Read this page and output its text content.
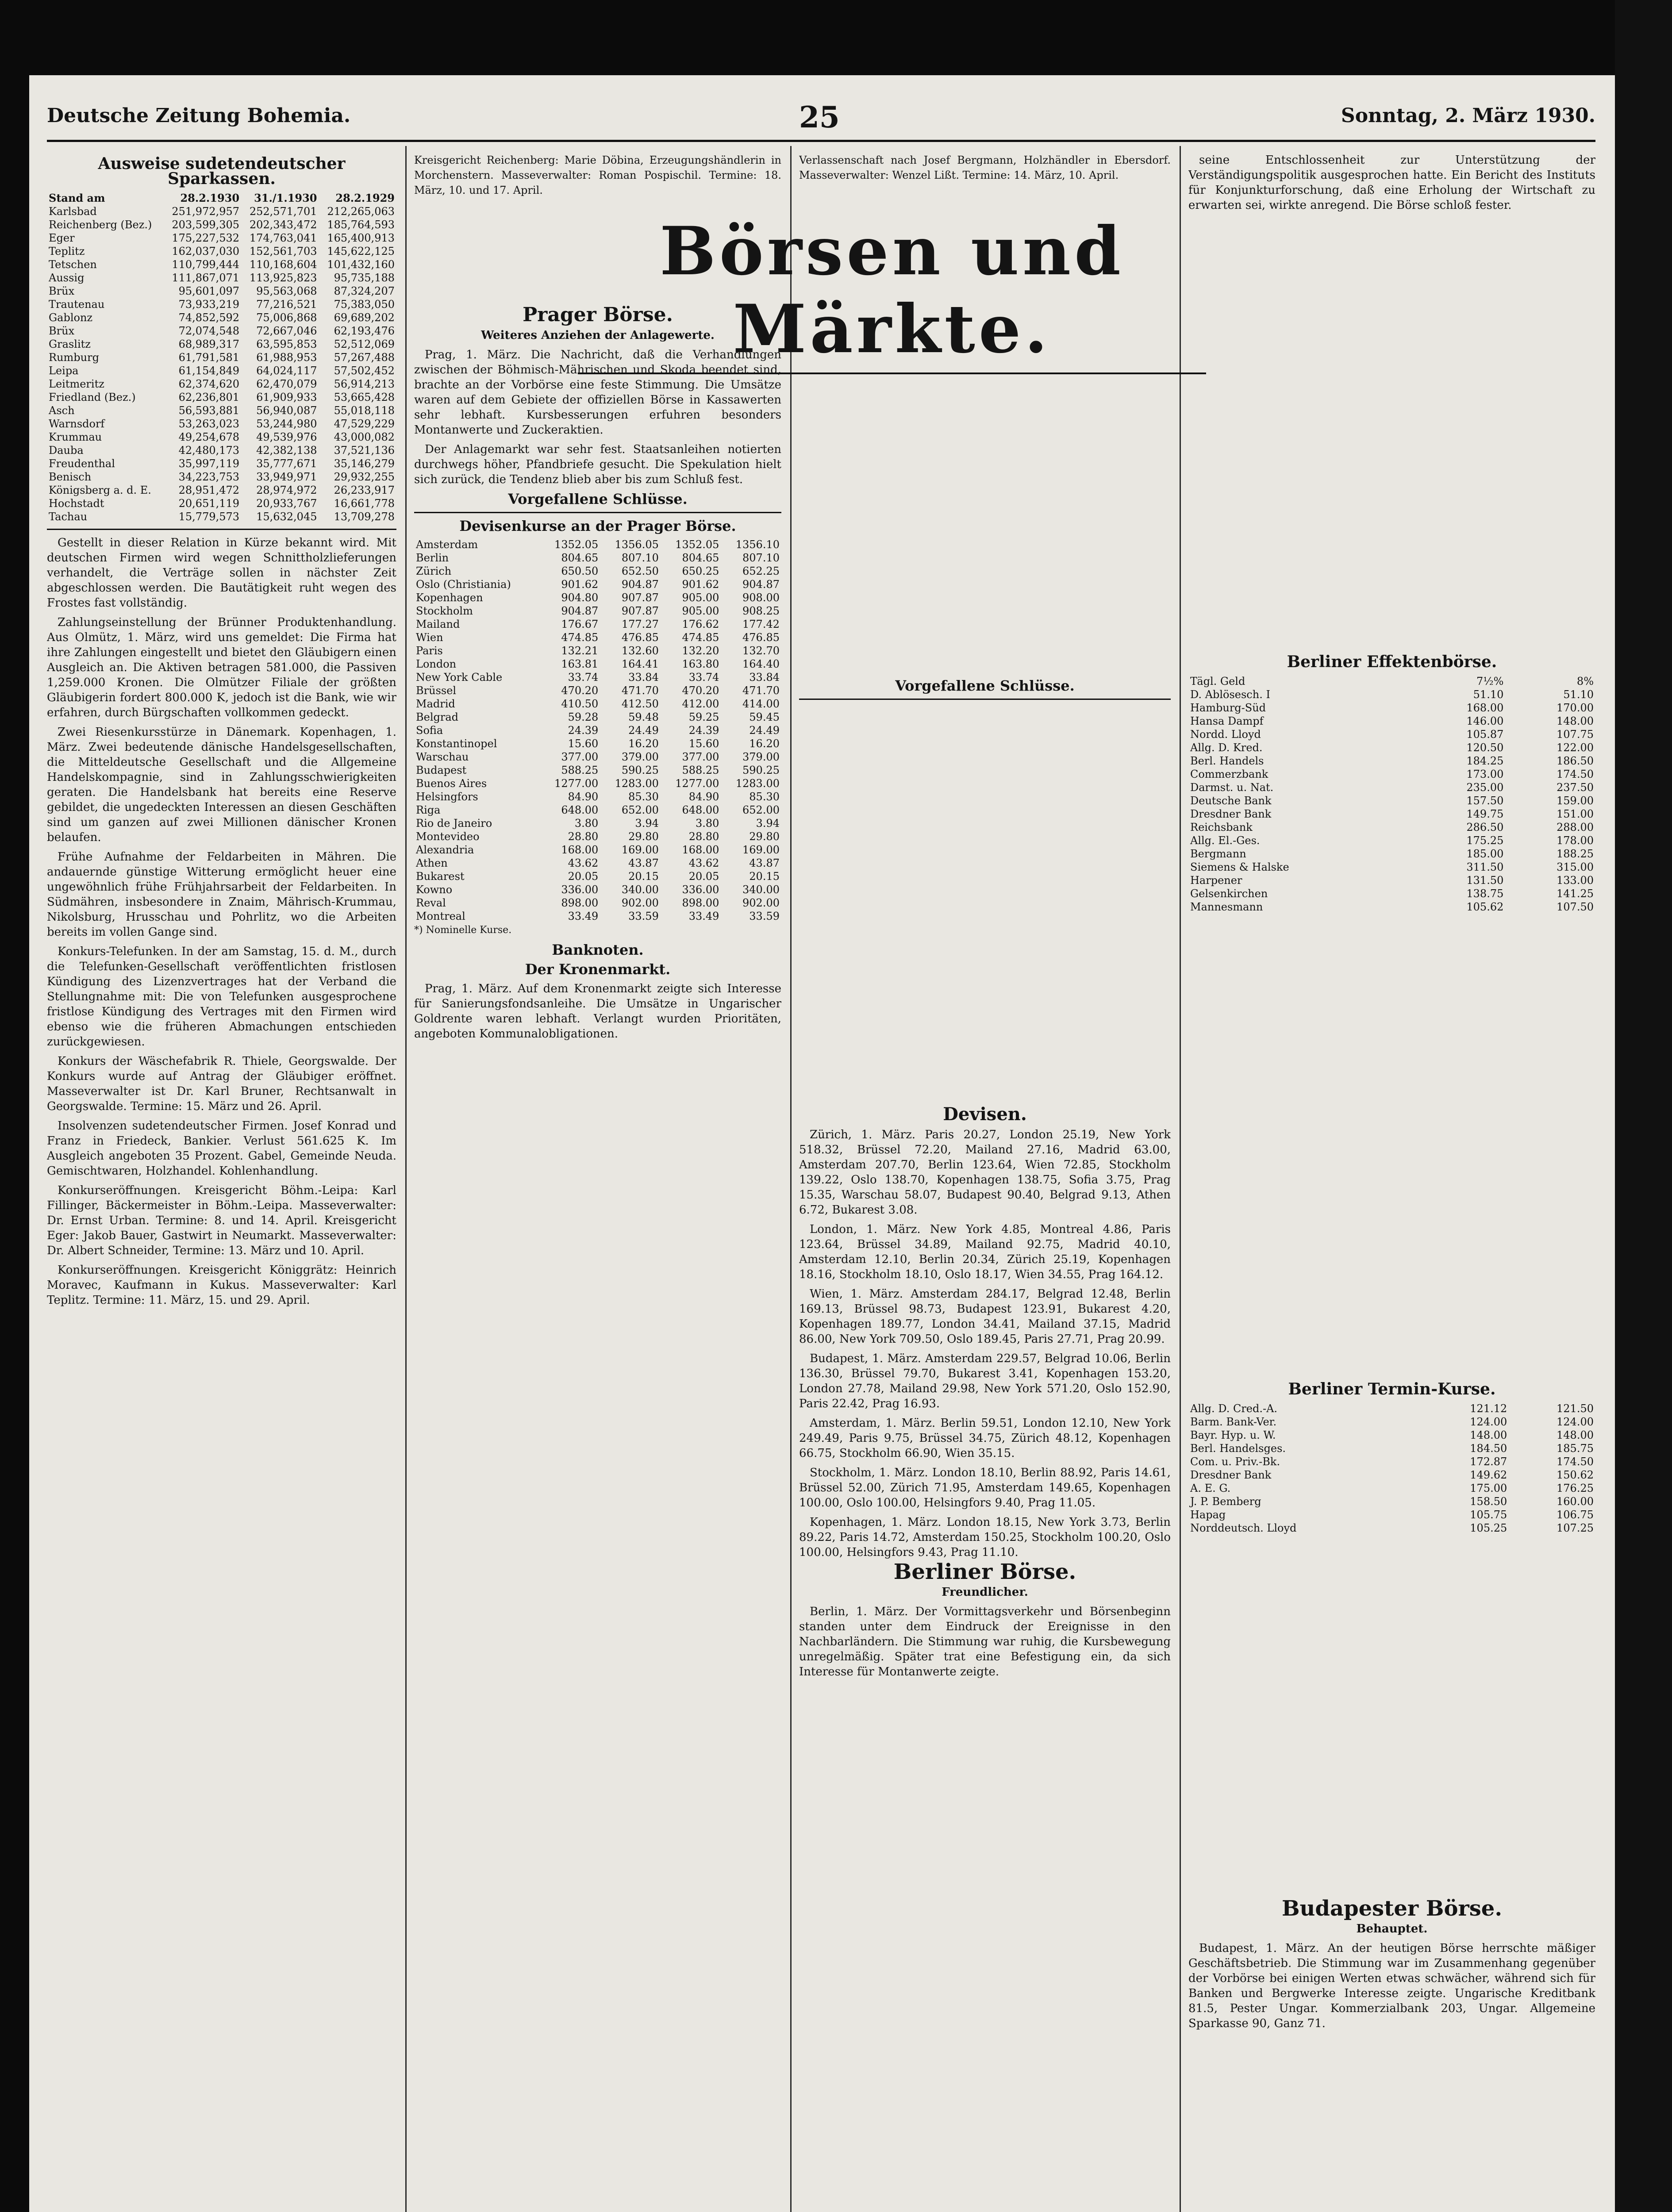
Deutsche Zeitung Bohemia.	25	Sonntag, 2. März 1930.
Börsen und Märkte.
Ausweise sudetendeutscher Sparkassen.
Stand am	28.2.1930	31./1.1930	28.2.1929
Karlsbad	251,972,957	252,571,701	212,265,063
Reichenberg (Bez.)	203,599,305	202,343,472	185,764,593
Eger	175,227,532	174,763,041	165,400,913
Teplitz	162,037,030	152,561,703	145,622,125
Tetschen	110,799,444	110,168,604	101,432,160
Aussig	111,867,071	113,925,823	95,735,188
Brüx	95,601,097	95,563,068	87,324,207
Trautenau	73,933,219	77,216,521	75,383,050
Gablonz	74,852,592	75,006,868	69,689,202
Brüx	72,074,548	72,667,046	62,193,476
Graslitz	68,989,317	63,595,853	52,512,069
Rumburg	61,791,581	61,988,953	57,267,488
Leipa	61,154,849	64,024,117	57,502,452
Leitmeritz	62,374,620	62,470,079	56,914,213
Friedland (Bez.)	62,236,801	61,909,933	53,665,428
Asch	56,593,881	56,940,087	55,018,118
Warnsdorf	53,263,023	53,244,980	47,529,229
Krummau	49,254,678	49,539,976	43,000,082
Dauba	42,480,173	42,382,138	37,521,136
Freudenthal	35,997,119	35,777,671	35,146,279
Benisch	34,223,753	33,949,971	29,932,255
Königsberg a. d. E.	28,951,472	28,974,972	26,233,917
Hochstadt	20,651,119	20,933,767	16,661,778
Tachau	15,779,573	15,632,045	13,709,278

Gestellt in dieser Relation in Kürze bekannt wird. Mit deutschen Firmen wird wegen Schnittholzlieferungen verhandelt, die Verträge sollen in nächster Zeit abgeschlossen werden. Die Bautätigkeit ruht wegen des Frostes fast vollständig.

Zahlungseinstellung der Brünner Produktenhandlung. Aus Olmütz, 1. März, wird uns gemeldet: Die Firma hat ihre Zahlungen eingestellt und bietet den Gläubigern einen Ausgleich an. Die Aktiven betragen 581.000, die Passiven 1,259.000 Kronen. Die Olmützer Filiale der größten Gläubigerin fordert 800.000 K, jedoch ist die Bank, wie wir erfahren, durch Bürgschaften vollkommen gedeckt.

Zwei Riesenkursstürze in Dänemark. Kopenhagen, 1. März. Zwei bedeutende dänische Handelsgesellschaften, die Mitteldeutsche Gesellschaft und die Allgemeine Handelskompagnie, sind in Zahlungsschwierigkeiten geraten. Die Handelsbank hat bereits eine Reserve gebildet, die ungedeckten Interessen an diesen Geschäften sind um ganzen auf zwei Millionen dänischer Kronen belaufen.

Frühe Aufnahme der Feldarbeiten in Mähren. Die andauernde günstige Witterung ermöglicht heuer eine ungewöhnlich frühe Frühjahrsarbeit der Feldarbeiten. In Südmähren, insbesondere in Znaim, Mährisch-Krummau, Nikolsburg, Hrusschau und Pohrlitz, wo die Arbeiten bereits im vollen Gange sind.

Konkurs-Telefunken. In der am Samstag, 15. d. M., durch die Telefunken-Gesellschaft veröffentlichten fristlosen Kündigung des Lizenzvertrages hat der Verband die Stellungnahme mit: Die von Telefunken ausgesprochene fristlose Kündigung des Vertrages mit den Firmen wird ebenso wie die früheren Abmachungen entschieden zurückgewiesen.

Konkurs der Wäschefabrik R. Thiele, Georgswalde. Der Konkurs wurde auf Antrag der Gläubiger eröffnet. Masseverwalter ist Dr. Karl Bruner, Rechtsanwalt in Georgswalde. Termine: 15. März und 26. April.

Insolvenzen sudetendeutscher Firmen. Josef Konrad und Franz in Friedeck, Bankier. Verlust 561.625 K. Im Ausgleich angeboten 35 Prozent. Gabel, Gemeinde Neuda. Gemischtwaren, Holzhandel. Kohlenhandlung.

Konkurseröffnungen. Kreisgericht Böhm.-Leipa: Karl Fillinger, Bäckermeister in Böhm.-Leipa. Masseverwalter: Dr. Ernst Urban. Termine: 8. und 14. April. Kreisgericht Eger: Jakob Bauer, Gastwirt in Neumarkt. Masseverwalter: Dr. Albert Schneider, Termine: 13. März und 10. April.

Konkurseröffnungen. Kreisgericht Königgrätz: Heinrich Moravec, Kaufmann in Kukus. Masseverwalter: Karl Teplitz. Termine: 11. März, 15. und 29. April.

Kreisgericht Reichenberg: Marie Döbina, Erzeugungshändlerin in Morchenstern. Masseverwalter: Roman Pospischil. Termine: 18. März, 10. und 17. April.

Prager Börse.
Weiteres Anziehen der Anlagewerte.

Prag, 1. März. Die Nachricht, daß die Verhandlungen zwischen der Böhmisch-Mährischen und Skoda beendet sind, brachte an der Vorbörse eine feste Stimmung. Die Umsätze waren auf dem Gebiete der offiziellen Börse in Kassawerten sehr lebhaft. Kursbesserungen erfuhren besonders Montanwerte und Zuckeraktien.

Der Anlagemarkt war sehr fest. Staatsanleihen notierten durchwegs höher, Pfandbriefe gesucht. Die Spekulation hielt sich zurück, die Tendenz blieb aber bis zum Schluß fest.

Vorgefallene Schlüsse.
Devisenkurse an der Prager Börse.
Amsterdam	1352.05	1356.05	1352.05	1356.10
Berlin	804.65	807.10	804.65	807.10
Zürich	650.50	652.50	650.25	652.25
Oslo (Christiania)	901.62	904.87	901.62	904.87
Kopenhagen	904.80	907.87	905.00	908.00
Stockholm	904.87	907.87	905.00	908.25
Mailand	176.67	177.27	176.62	177.42
Wien	474.85	476.85	474.85	476.85
Paris	132.21	132.60	132.20	132.70
London	163.81	164.41	163.80	164.40
New York Cable	33.74	33.84	33.74	33.84
Brüssel	470.20	471.70	470.20	471.70
Madrid	410.50	412.50	412.00	414.00
Belgrad	59.28	59.48	59.25	59.45
Sofia	24.39	24.49	24.39	24.49
Konstantinopel	15.60	16.20	15.60	16.20
Warschau	377.00	379.00	377.00	379.00
Budapest	588.25	590.25	588.25	590.25
Buenos Aires	1277.00	1283.00	1277.00	1283.00
Helsingfors	84.90	85.30	84.90	85.30
Riga	648.00	652.00	648.00	652.00
Rio de Janeiro	3.80	3.94	3.80	3.94
Montevideo	28.80	29.80	28.80	29.80
Alexandria	168.00	169.00	168.00	169.00
Athen	43.62	43.87	43.62	43.87
Bukarest	20.05	20.15	20.05	20.15
Kowno	336.00	340.00	336.00	340.00
Reval	898.00	902.00	898.00	902.00
Montreal	33.49	33.59	33.49	33.59

*) Nominelle Kurse.

Banknoten.
Der Kronenmarkt.

Prag, 1. März. Auf dem Kronenmarkt zeigte sich Interesse für Sanierungsfondsanleihe. Die Umsätze in Ungarischer Goldrente waren lebhaft. Verlangt wurden Prioritäten, angeboten Kommunalobligationen.

Verlassenschaft nach Josef Bergmann, Holzhändler in Ebersdorf. Masseverwalter: Wenzel Lißt. Termine: 14. März, 10. April.

Vorgefallene Schlüsse.
Devisen.

Zürich, 1. März. Paris 20.27, London 25.19, New York 518.32, Brüssel 72.20, Mailand 27.16, Madrid 63.00, Amsterdam 207.70, Berlin 123.64, Wien 72.85, Stockholm 139.22, Oslo 138.70, Kopenhagen 138.75, Sofia 3.75, Prag 15.35, Warschau 58.07, Budapest 90.40, Belgrad 9.13, Athen 6.72, Bukarest 3.08.

London, 1. März. New York 4.85, Montreal 4.86, Paris 123.64, Brüssel 34.89, Mailand 92.75, Madrid 40.10, Amsterdam 12.10, Berlin 20.34, Zürich 25.19, Kopenhagen 18.16, Stockholm 18.10, Oslo 18.17, Wien 34.55, Prag 164.12.

Wien, 1. März. Amsterdam 284.17, Belgrad 12.48, Berlin 169.13, Brüssel 98.73, Budapest 123.91, Bukarest 4.20, Kopenhagen 189.77, London 34.41, Mailand 37.15, Madrid 86.00, New York 709.50, Oslo 189.45, Paris 27.71, Prag 20.99.

Budapest, 1. März. Amsterdam 229.57, Belgrad 10.06, Berlin 136.30, Brüssel 79.70, Bukarest 3.41, Kopenhagen 153.20, London 27.78, Mailand 29.98, New York 571.20, Oslo 152.90, Paris 22.42, Prag 16.93.

Amsterdam, 1. März. Berlin 59.51, London 12.10, New York 249.49, Paris 9.75, Brüssel 34.75, Zürich 48.12, Kopenhagen 66.75, Stockholm 66.90, Wien 35.15.

Stockholm, 1. März. London 18.10, Berlin 88.92, Paris 14.61, Brüssel 52.00, Zürich 71.95, Amsterdam 149.65, Kopenhagen 100.00, Oslo 100.00, Helsingfors 9.40, Prag 11.05.

Kopenhagen, 1. März. London 18.15, New York 3.73, Berlin 89.22, Paris 14.72, Amsterdam 150.25, Stockholm 100.20, Oslo 100.00, Helsingfors 9.43, Prag 11.10.

Berliner Börse.
Freundlicher.

Berlin, 1. März. Der Vormittagsverkehr und Börsenbeginn standen unter dem Eindruck der Ereignisse in den Nachbarländern. Die Stimmung war ruhig, die Kursbewegung unregelmäßig. Später trat eine Befestigung ein, da sich Interesse für Montanwerte zeigte.

seine Entschlossenheit zur Unterstützung der Verständigungspolitik ausgesprochen hatte. Ein Bericht des Instituts für Konjunkturforschung, daß eine Erholung der Wirtschaft zu erwarten sei, wirkte anregend. Die Börse schloß fester.

Berliner Effektenbörse.
Tägl. Geld	7½%	8%
D. Ablösesch. I	51.10	51.10
Hamburg-Süd	168.00	170.00
Hansa Dampf	146.00	148.00
Nordd. Lloyd	105.87	107.75
Allg. D. Kred.	120.50	122.00
Berl. Handels	184.25	186.50
Commerzbank	173.00	174.50
Darmst. u. Nat.	235.00	237.50
Deutsche Bank	157.50	159.00
Dresdner Bank	149.75	151.00
Reichsbank	286.50	288.00
Allg. El.-Ges.	175.25	178.00
Bergmann	185.00	188.25
Siemens & Halske	311.50	315.00
Harpener	131.50	133.00
Gelsenkirchen	138.75	141.25
Mannesmann	105.62	107.50
Berliner Termin-Kurse.
Allg. D. Cred.-A.	121.12	121.50
Barm. Bank-Ver.	124.00	124.00
Bayr. Hyp. u. W.	148.00	148.00
Berl. Handelsges.	184.50	185.75
Com. u. Priv.-Bk.	172.87	174.50
Dresdner Bank	149.62	150.62
A. E. G.	175.00	176.25
J. P. Bemberg	158.50	160.00
Hapag	105.75	106.75
Norddeutsch. Lloyd	105.25	107.25
Budapester Börse.
Behauptet.

Budapest, 1. März. An der heutigen Börse herrschte mäßiger Geschäftsbetrieb. Die Stimmung war im Zusammenhang gegenüber der Vorbörse bei einigen Werten etwas schwächer, während sich für Banken und Bergwerke Interesse zeigte. Ungarische Kreditbank 81.5, Pester Ungar. Kommerzialbank 203, Ungar. Allgemeine Sparkasse 90, Ganz 71.
